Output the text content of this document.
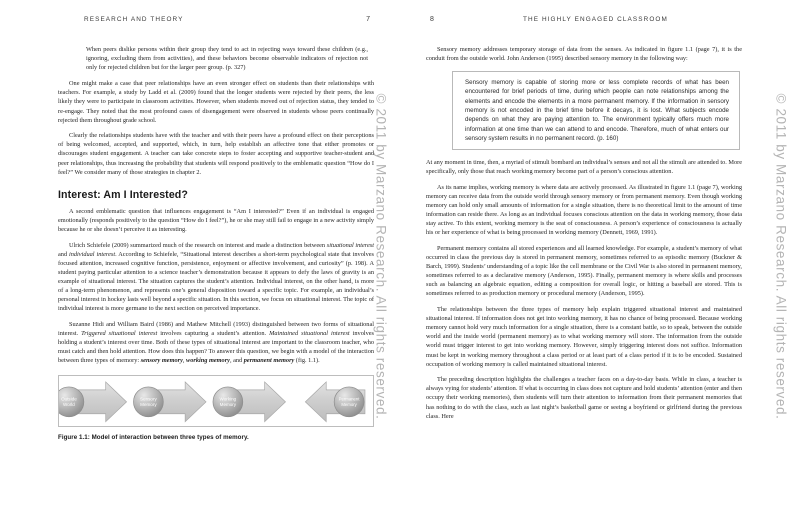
RESEARCH AND THEORY	7
When peers dislike persons within their group they tend to act in rejecting ways toward these children (e.g., ignoring, excluding them from activities), and these behaviors become observable indicators of rejection not only for rejected children but for the larger peer group. (p. 327)

One might make a case that peer relationships have an even stronger effect on students than their relationships with teachers. For example, a study by Ladd et al. (2009) found that the longer students were rejected by their peers, the less likely they were to participate in classroom activities. However, when students moved out of rejection status, they tended to re-engage. They noted that the most profound cases of disengagement were observed in students whose peers continually rejected them throughout grade school.

Clearly the relationships students have with the teacher and with their peers have a profound effect on their perceptions of being welcomed, accepted, and supported, which, in turn, help establish an affective tone that either promotes or discourages student engagement. A teacher can take concrete steps to foster accepting and supportive teacher-student and peer relationships, thus increasing the probability that students will respond positively to the emblematic question “How do I feel?” We consider many of those strategies in chapter 2.

Interest: Am I Interested?

A second emblematic question that influences engagement is “Am I interested?” Even if an individual is engaged emotionally (responds positively to the question “How do I feel?”), he or she may still fail to engage in a new activity simply because he or she doesn’t perceive it as interesting.

Ulrich Schiefele (2009) summarized much of the research on interest and made a distinction between situational interest and individual interest. According to Schiefele, “Situational interest describes a short-term psychological state that involves focused attention, increased cognitive function, persistence, enjoyment or affective involvement, and curiosity” (p. 198). A student paying particular attention to a science teacher’s demonstration because it appears to defy the laws of gravity is an example of situational interest. The situation captures the student’s attention. Individual interest, on the other hand, is more of a long-term phenomenon, and represents one’s general disposition toward a specific topic. For example, an individual’s personal interest in hockey lasts well beyond a specific situation. In this section, we focus on situational interest. The topic of individual interest is more germane to the next section on perceived importance.

Suzanne Hidi and William Baird (1986) and Mathew Mitchell (1993) distinguished between two forms of situational interest. Triggered situational interest involves capturing a student’s attention. Maintained situational interest involves holding a student’s interest over time. Both of these types of situational interest are important to the classroom teacher, who must catch and then hold attention. How does this happen? To answer this question, we begin with a model of the interaction between three types of memory: sensory memory, working memory, and permanent memory (fig. 1.1).

Outside
World
Sensory
Memory
Working
Memory
Permanent
Memory
Figure 1.1: Model of interaction between three types of memory.
© 2011 by Marzano Research. All rights reserved.
8	THE HIGHLY ENGAGED CLASSROOM

Sensory memory addresses temporary storage of data from the senses. As indicated in figure 1.1 (page 7), it is the conduit from the outside world. John Anderson (1995) described sensory memory in the following way:

Sensory memory is capable of storing more or less complete records of what has been encountered for brief periods of time, during which people can note relationships among the elements and encode the elements in a more permanent memory. If the information in sensory memory is not encoded in the brief time before it decays, it is lost. What subjects encode depends on what they are paying attention to. The environment typically offers much more information at one time than we can attend to and encode. Therefore, much of what enters our sensory system results in no permanent record. (p. 160)

At any moment in time, then, a myriad of stimuli bombard an individual’s senses and not all the stimuli are attended to. More specifically, only those that reach working memory become part of a person’s conscious attention.

As its name implies, working memory is where data are actively processed. As illustrated in figure 1.1 (page 7), working memory can receive data from the outside world through sensory memory or from permanent memory. Even though working memory can hold only small amounts of information for a single situation, there is no theoretical limit to the amount of time information can reside there. As long as an individual focuses conscious attention on the data in working memory, those data stay active. To this extent, working memory is the seat of consciousness. A person’s experience of consciousness is actually his or her experience of what is being processed in working memory (Dennett, 1969, 1991).

Permanent memory contains all stored experiences and all learned knowledge. For example, a student’s memory of what occurred in class the previous day is stored in permanent memory, sometimes referred to as episodic memory (Buckner & Barch, 1999). Students’ understanding of a topic like the cell membrane or the Civil War is also stored in permanent memory, sometimes referred to as a declarative memory (Anderson, 1995). Finally, permanent memory is where skills and processes such as balancing an algebraic equation, editing a composition for overall logic, or hitting a baseball are stored. This is sometimes referred to as production memory or procedural memory (Anderson, 1995).

The relationships between the three types of memory help explain triggered situational interest and maintained situational interest. If information does not get into working memory, it has no chance of being processed. Because working memory cannot hold very much information for a single situation, there is a constant battle, so to speak, between the outside world and the inside world (permanent memory) as to what working memory will store. The information from the outside world must trigger interest to get into working memory. However, simply triggering interest does not suffice. Information must be kept in working memory throughout a class period or at least part of a class period if it is to be encoded. Sustained occupation of working memory is called maintained situational interest.

The preceding description highlights the challenges a teacher faces on a day-to-day basis. While in class, a teacher is always vying for students’ attention. If what is occurring in class does not capture and hold students’ attention (enter and then occupy their working memories), then students will turn their attention to information from their permanent memories that has nothing to do with the class, such as last night’s basketball game or seeing a boyfriend or girlfriend during the previous class. Here	© 2011 by Marzano Research. All rights reserved.
